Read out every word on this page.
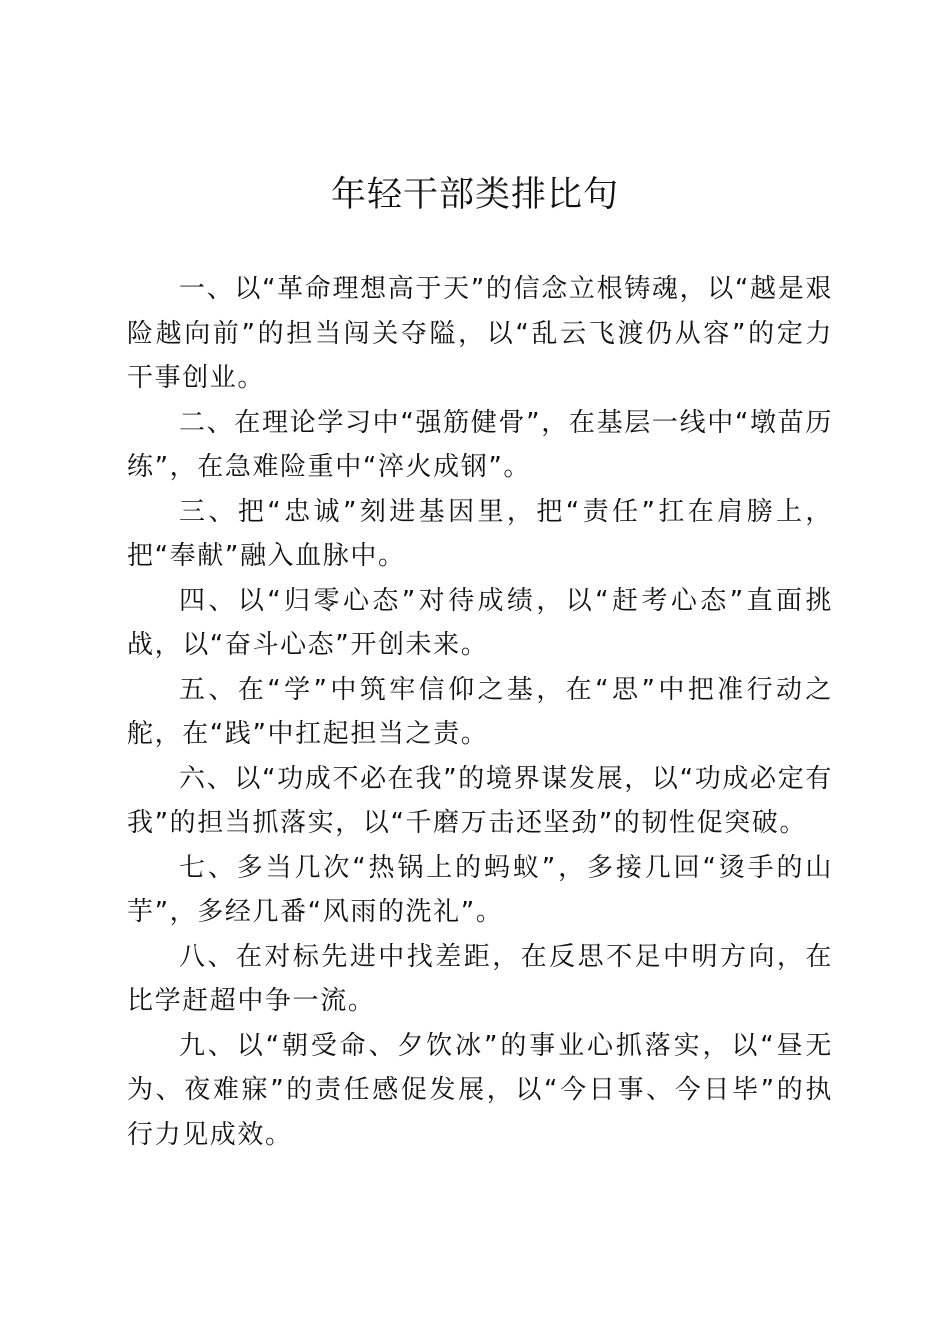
年轻干部类排比句

一、以“革命理想高于天”的信念立根铸魂，以“越是艰险越向前”的担当闯关夺隘，以“乱云飞渡仍从容”的定力干事创业。

二、在理论学习中“强筋健骨”，在基层一线中“墩苗历练”，在急难险重中“淬火成钢”。

三、把“忠诚”刻进基因里，把“责任”扛在肩膀上，把“奉献”融入血脉中。

四、以“归零心态”对待成绩，以“赶考心态”直面挑战，以“奋斗心态”开创未来。

五、在“学”中筑牢信仰之基，在“思”中把准行动之舵，在“践”中扛起担当之责。

六、以“功成不必在我”的境界谋发展，以“功成必定有我”的担当抓落实，以“千磨万击还坚劲”的韧性促突破。

七、多当几次“热锅上的蚂蚁”，多接几回“烫手的山芋”，多经几番“风雨的洗礼”。

八、在对标先进中找差距，在反思不足中明方向，在比学赶超中争一流。

九、以“朝受命、夕饮冰”的事业心抓落实，以“昼无为、夜难寐”的责任感促发展，以“今日事、今日毕”的执行力见成效。
